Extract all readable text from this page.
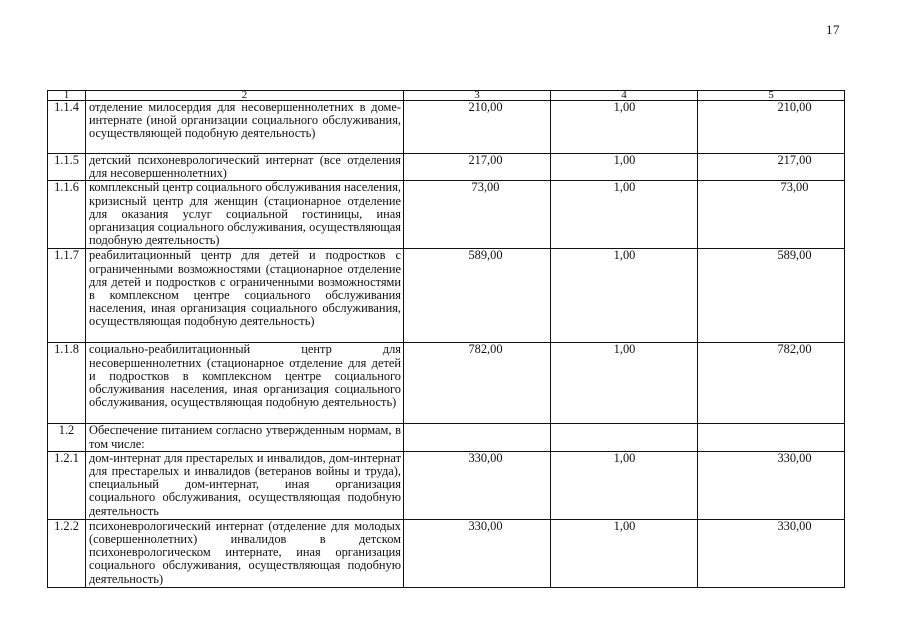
17
1	2	3	4	5
1.1.4	отделение милосердия для несовершеннолетних в доме-интернате (иной организации социального обслуживания, осуществляющей подобную деятельность)	210,00	1,00	210,00
1.1.5	детский психоневрологический интернат (все отделения для несовершеннолетних)	217,00	1,00	217,00
1.1.6	комплексный центр социального обслуживания населения, кризисный центр для женщин (стационарное отделение для оказания услуг социальной гостиницы, иная организация социального обслуживания, осуществляющая подобную деятельность)	73,00	1,00	73,00
1.1.7	реабилитационный центр для детей и подростков с ограниченными возможностями (стационарное отделение для детей и подростков с ограниченными возможностями в комплексном центре социального обслуживания населения, иная организация социального обслуживания, осуществляющая подобную деятельность)	589,00	1,00	589,00
1.1.8	социально-реабилитационный центр для несовершеннолетних (стационарное отделение для детей и подростков в комплексном центре социального обслуживания населения, иная организация социального обслуживания, осуществляющая подобную деятельность)	782,00	1,00	782,00
1.2	Обеспечение питанием согласно утвержденным нормам, в том числе:			

1.2.1	дом-интернат для престарелых и инвалидов, дом-интернат для престарелых и инвалидов (ветеранов войны и труда), специальный дом-интернат, иная организация социального обслуживания, осуществляющая подобную деятельность	330,00	1,00	330,00
1.2.2	психоневрологический интернат (отделение для молодых (совершеннолетних) инвалидов в детском психоневрологическом интернате, иная организация социального обслуживания, осуществляющая подобную деятельность)	330,00	1,00	330,00
